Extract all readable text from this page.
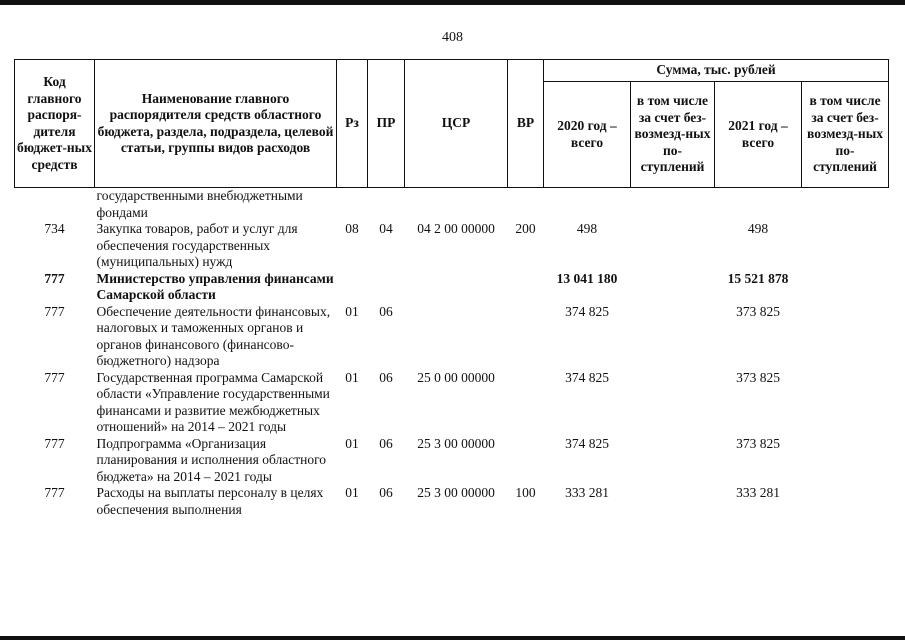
408
Код главного распоря-дителя бюджет-ных средств	Наименование главного распорядителя средств областного бюджета, раздела, подраздела, целевой статьи, группы видов расходов	Рз	ПР	ЦСР	ВР	Сумма, тыс. рублей			
						2020 год – всего	в том числе за счет без-возмезд-ных по-ступлений	2021 год – всего	в том числе за счет без-возмезд-ных по-ступлений
	государственными внебюджетными фондами								
734	Закупка товаров, работ и услуг для обеспечения государственных (муниципальных) нужд	08	04	04 2 00 00000	200	498		498	
777	Министерство управления финансами Самарской области					13 041 180		15 521 878	
777	Обеспечение деятельности финансовых, налоговых и таможенных органов и органов финансового (финансово-бюджетного) надзора	01	06			374 825		373 825	
777	Государственная программа Самарской области «Управление государственными финансами и развитие межбюджетных отношений» на 2014 – 2021 годы	01	06	25 0 00 00000		374 825		373 825	
777	Подпрограмма «Организация планирования и исполнения областного бюджета» на 2014 – 2021 годы	01	06	25 3 00 00000		374 825		373 825	
777	Расходы на выплаты персоналу в целях обеспечения выполнения	01	06	25 3 00 00000	100	333 281		333 281	
